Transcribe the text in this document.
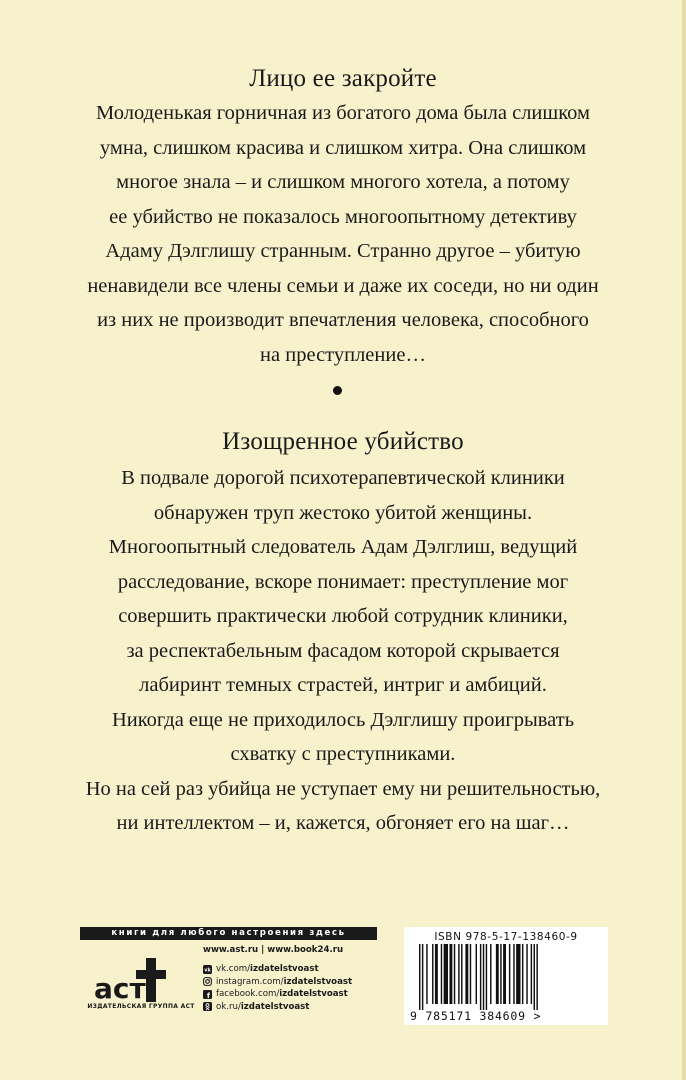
Лицо ее закройте

Молоденькая горничная из богатого дома была слишком
умна, слишком красива и слишком хитра. Она слишком
многое знала – и слишком многого хотела, а потому
ее убийство не показалось многоопытному детективу
Адаму Дэлглишу странным. Странно другое – убитую
ненавидели все члены семьи и даже их соседи, но ни один
из них не производит впечатления человека, способного
на преступление…

Изощренное убийство

В подвале дорогой психотерапевтической клиники
обнаружен труп жестоко убитой женщины.
Многоопытный следователь Адам Дэлглиш, ведущий
расследование, вскоре понимает: преступление мог
совершить практически любой сотрудник клиники,
за респектабельным фасадом которой скрывается
лабиринт темных страстей, интриг и амбиций.
Никогда еще не приходилось Дэлглишу проигрывать
схватку с преступниками.
Но на сей раз убийца не уступает ему ни решительностью,
ни интеллектом – и, кажется, обгоняет его на шаг…

книги для любого настроения здесь
аст
ИЗДАТЕЛЬСКАЯ ГРУППА АСТ
www.ast.ru | www.book24.ru
vk vk.com/ izdatelstvoast
instagram.com/ izdatelstvoast
f facebook.com/ izdatelstvoast
ok.ru/ izdatelstvoast
ISBN 978-5-17-138460-9
9 785171 384609 >
